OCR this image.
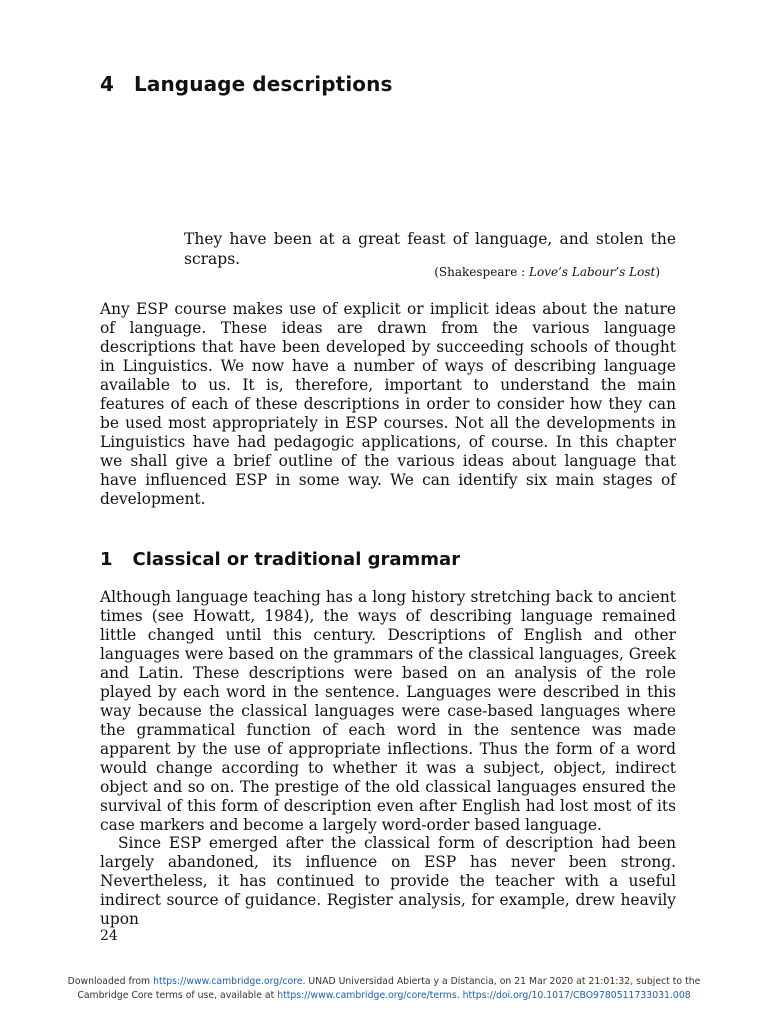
4 Language descriptions
They have been at a great feast of language, and stolen the scraps.
(Shakespeare : Love’s Labour’s Lost)

Any ESP course makes use of explicit or implicit ideas about the nature of language. These ideas are drawn from the various language descriptions that have been developed by succeeding schools of thought in Linguistics. We now have a number of ways of describing language available to us. It is, therefore, important to understand the main features of each of these descriptions in order to consider how they can be used most appropriately in ESP courses. Not all the developments in Linguistics have had pedagogic applications, of course. In this chapter we shall give a brief outline of the various ideas about language that have influenced ESP in some way. We can identify six main stages of development.

1 Classical or traditional grammar

Although language teaching has a long history stretching back to ancient times (see Howatt, 1984), the ways of describing language remained little changed until this century. Descriptions of English and other languages were based on the grammars of the classical languages, Greek and Latin. These descriptions were based on an analysis of the role played by each word in the sentence. Languages were described in this way because the classical languages were case-based languages where the grammatical function of each word in the sentence was made apparent by the use of appropriate inflections. Thus the form of a word would change according to whether it was a subject, object, indirect object and so on. The prestige of the old classical languages ensured the survival of this form of description even after English had lost most of its case markers and become a largely word-order based language.

Since ESP emerged after the classical form of description had been largely abandoned, its influence on ESP has never been strong. Nevertheless, it has continued to provide the teacher with a useful indirect source of guidance. Register analysis, for example, drew heavily upon

24
Downloaded from https://www.cambridge.org/core. UNAD Universidad Abierta y a Distancia, on 21 Mar 2020 at 21:01:32, subject to the
Cambridge Core terms of use, available at https://www.cambridge.org/core/terms. https://doi.org/10.1017/CBO9780511733031.008
